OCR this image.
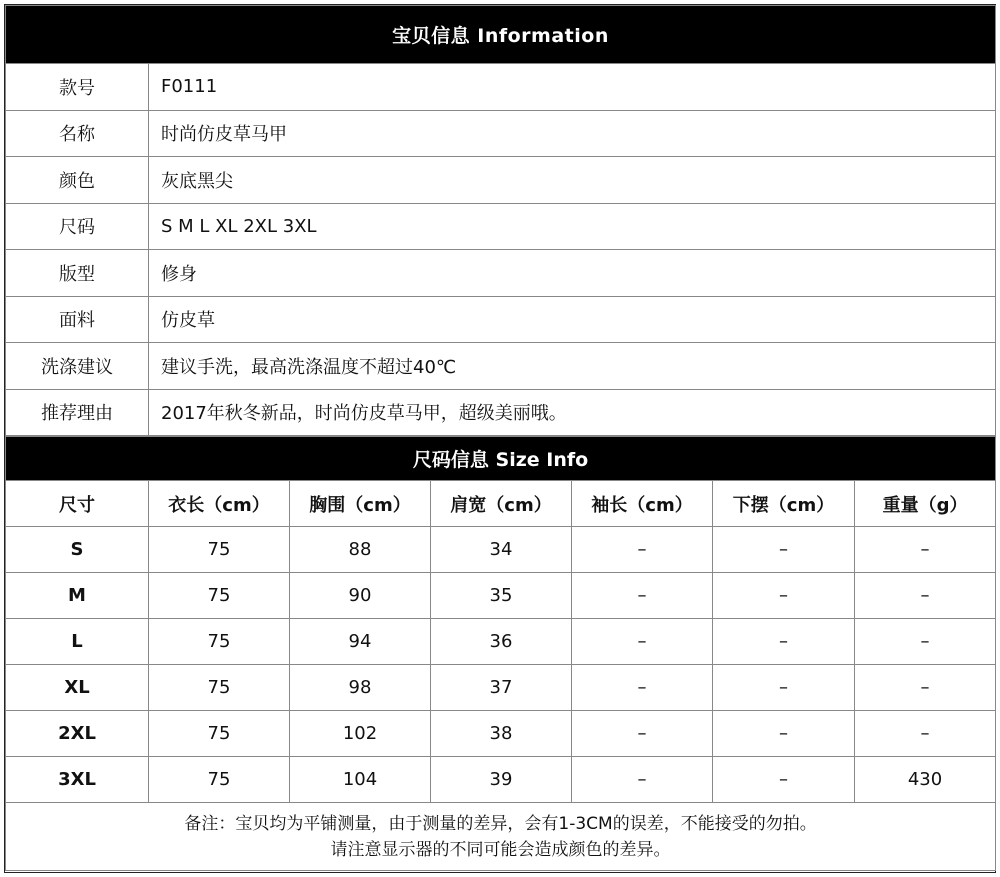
宝贝信息 Information	
款号	F0111
名称	时尚仿皮草马甲
颜色	灰底黑尖
尺码	S M L XL 2XL 3XL
版型	修身
面料	仿皮草
洗涤建议	建议手洗，最高洗涤温度不超过40℃
推荐理由	2017年秋冬新品，时尚仿皮草马甲，超级美丽哦。
尺码信息 Size Info						
尺寸	衣长（cm）	胸围（cm）	肩宽（cm）	袖长（cm）	下摆（cm）	重量（g）
S	75	88	34	–	–	–
M	75	90	35	–	–	–
L	75	94	36	–	–	–
XL	75	98	37	–	–	–
2XL	75	102	38	–	–	–
3XL	75	104	39	–	–	430

备注：宝贝均为平铺测量，由于测量的差异，会有1-3CM的误差，不能接受的勿拍。
请注意显示器的不同可能会造成颜色的差异。						
